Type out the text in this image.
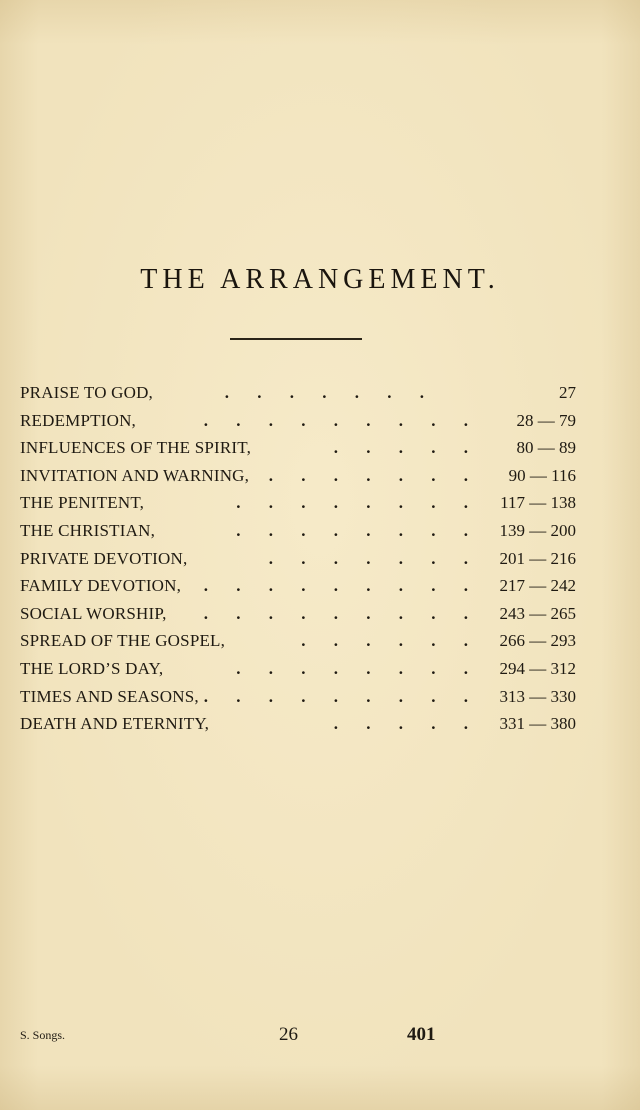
THE ARRANGEMENT.
PRAISE TO GOD,	. . . . . . .	27
REDEMPTION,	. . . . . . . . . 28 — 79
INFLUENCES OF THE SPIRIT,	. . . . . 80 — 89
INVITATION AND WARNING, . . . . . . . 90 — 116
THE PENITENT,	. . . . . . . . 117 — 138
THE CHRISTIAN,	. . . . . . . . 139 — 200
PRIVATE DEVOTION,	. . . . . . . 201 — 216
FAMILY DEVOTION, . . . . . . . . . 217 — 242
SOCIAL WORSHIP, . . . . . . . . . 243 — 265
SPREAD OF THE GOSPEL,	. . . . . . 266 — 293
THE LORD’S DAY,	. . . . . . . . 294 — 312
TIMES AND SEASONS, . . . . . . . . . 313 — 330
DEATH AND ETERNITY,	. . . . . 331 — 380
S. Songs.	26	401
